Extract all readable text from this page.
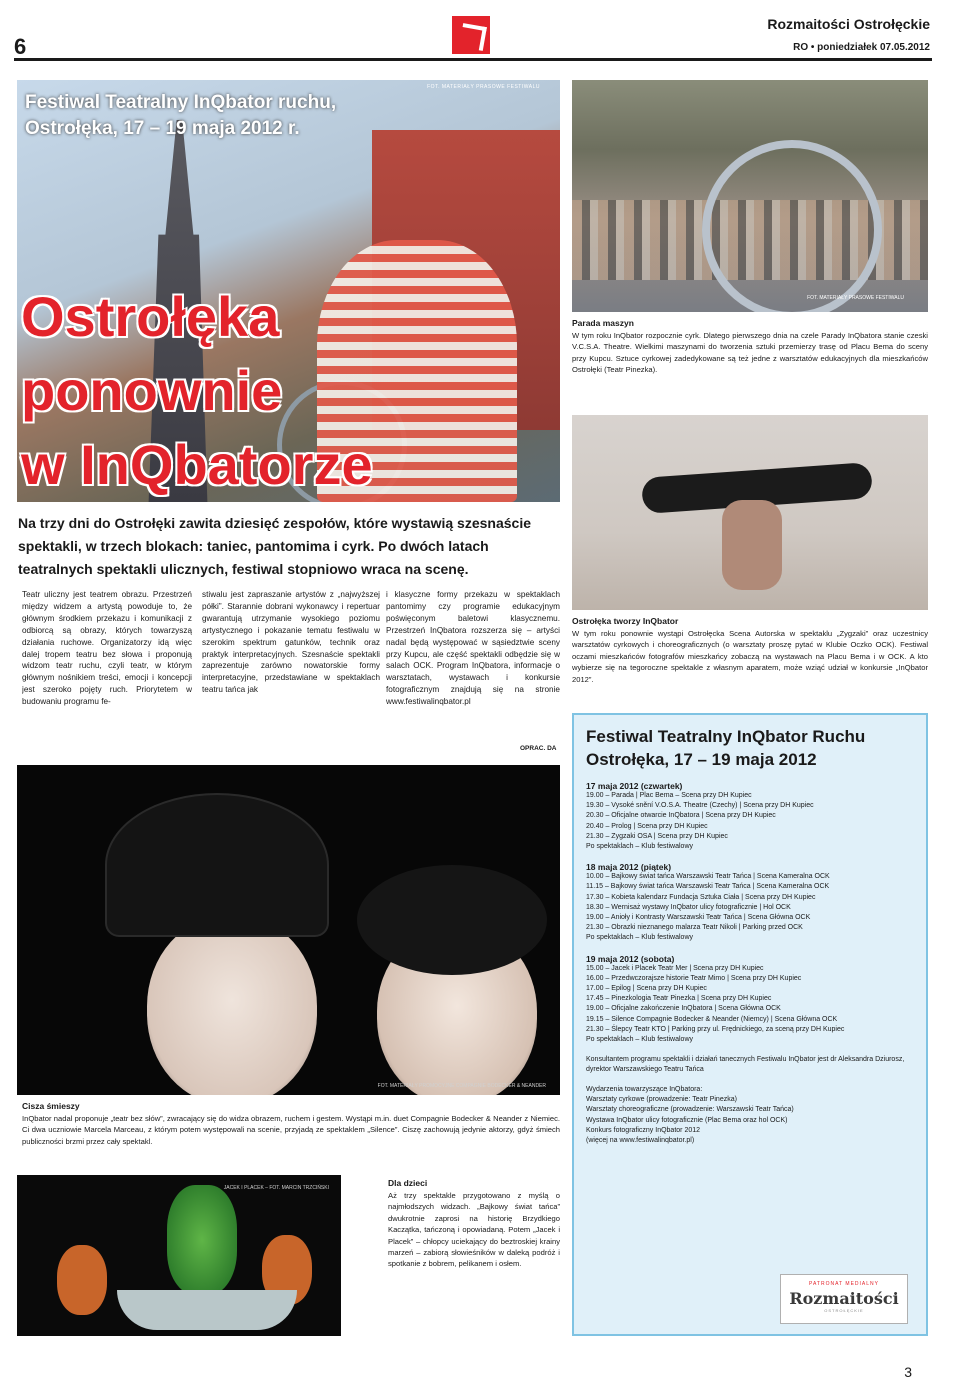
6
Rozmaitości Ostrołęckie
RO • poniedziałek 07.05.2012
FOT. MATERIAŁY PRASOWE FESTIWALU
Festiwal Teatralny InQbator ruchu,
Ostrołęka, 17 – 19 maja 2012 r.
Ostrołęka
ponownie
w InQbatorze
Na trzy dni do Ostrołęki zawita dziesięć zespołów, które wystawią szesnaście spektakli, w trzech blokach: taniec, pantomima i cyrk. Po dwóch latach teatralnych spektakli ulicznych, festiwal stopniowo wraca na scenę.
Teatr uliczny jest teatrem obrazu. Przestrzeń między widzem a artystą powoduje to, że głównym środkiem przekazu i komunikacji z odbiorcą są obrazy, których towarzyszą działania ruchowe. Organizatorzy idą więc dalej tropem teatru bez słowa i proponują widzom teatr ruchu, czyli teatr, w którym głównym nośnikiem treści, emocji i koncepcji jest szeroko pojęty ruch. Priorytetem w budowaniu programu fe-
stiwalu jest zapraszanie artystów z „najwyższej półki”. Starannie dobrani wykonawcy i repertuar gwarantują utrzymanie wysokiego poziomu artystycznego i pokazanie tematu festiwalu w szerokim spektrum gatunków, technik oraz praktyk interpretacyjnych. Szesnaście spektakli zaprezentuje zarówno nowatorskie formy interpretacyjne, przedstawiane w spektaklach teatru tańca jak
i klasyczne formy przekazu w spektaklach pantomimy czy programie edukacyjnym poświęconym baletowi klasycznemu. Przestrzeń InQbatora rozszerza się – artyści nadal będą występować w sąsiedztwie sceny przy Kupcu, ale część spektakli odbędzie się w salach OCK. Program InQbatora, informacje o warsztatach, wystawach i konkursie fotograficznym znajdują się na stronie www.festiwalinqbator.pl
OPRAC. DA
FOT. MATERIAŁY PRASOWE FESTIWALU
Parada maszyn
W tym roku InQbator rozpocznie cyrk. Dlatego pierwszego dnia na czele Parady InQbatora stanie czeski V.C.S.A. Theatre. Wielkimi maszynami do tworzenia sztuki przemierzy trasę od Placu Bema do sceny przy Kupcu. Sztuce cyrkowej zadedykowane są też jedne z warsztatów edukacyjnych dla mieszkańców Ostrołęki (Teatr Pinezka).
Ostrołęka tworzy InQbator
W tym roku ponownie wystąpi Ostrołęcka Scena Autorska w spektaklu „Zygzaki” oraz uczestnicy warsztatów cyrkowych i choreograficznych (o warsztaty proszę pytać w Klubie Oczko OCK). Festiwal oczami mieszkańców fotografów mieszkańcy zobaczą na wystawach na Placu Bema i w OCK. A kto wybierze się na tegoroczne spektakle z własnym aparatem, może wziąć udział w konkursie „InQbator 2012”.
Festiwal Teatralny InQbator Ruchu
Ostrołęka, 17 – 19 maja 2012
17 maja 2012 (czwartek)
19.00 – Parada | Plac Bema – Scena przy DH Kupiec
19.30 – Vysoké snění V.O.S.A. Theatre (Czechy) | Scena przy DH Kupiec
20.30 – Oficjalne otwarcie InQbatora | Scena przy DH Kupiec
20.40 – Prolog | Scena przy DH Kupiec
21.30 – Zygzaki OSA | Scena przy DH Kupiec
Po spektaklach – Klub festiwalowy
18 maja 2012 (piątek)
10.00 – Bajkowy świat tańca Warszawski Teatr Tańca | Scena Kameralna OCK
11.15 – Bajkowy świat tańca Warszawski Teatr Tańca | Scena Kameralna OCK
17.30 – Kobieta kalendarz Fundacja Sztuka Ciała | Scena przy DH Kupiec
18.30 – Wernisaż wystawy InQbator ulicy fotograficznie | Hol OCK
19.00 – Anioły i Kontrasty Warszawski Teatr Tańca | Scena Główna OCK
21.30 – Obrazki nieznanego malarza Teatr Nikoli | Parking przed OCK
Po spektaklach – Klub festiwalowy
19 maja 2012 (sobota)
15.00 – Jacek i Placek Teatr Mer | Scena przy DH Kupiec
16.00 – Przedwczorajsze historie Teatr Mimo | Scena przy DH Kupiec
17.00 – Epilog | Scena przy DH Kupiec
17.45 – Pinezkologia Teatr Pinezka | Scena przy DH Kupiec
19.00 – Oficjalne zakończenie InQbatora | Scena Główna OCK
19.15 – Silence Compagnie Bodecker & Neander (Niemcy) | Scena Główna OCK
21.30 – Ślepcy Teatr KTO | Parking przy ul. Frędnickiego, za sceną przy DH Kupiec
Po spektaklach – Klub festiwalowy
Konsultantem programu spektakli i działań tanecznych Festiwalu InQbator jest dr Aleksandra Dziurosz, dyrektor Warszawskiego Teatru Tańca
Wydarzenia towarzyszące InQbatora:
Warsztaty cyrkowe (prowadzenie: Teatr Pinezka)
Warsztaty choreograficzne (prowadzenie: Warszawski Teatr Tańca)
Wystawa InQbator ulicy fotograficznie (Plac Bema oraz hol OCK)
Konkurs fotograficzny InQbator 2012
(więcej na www.festiwalinqbator.pl)
PATRONAT MEDIALNY
Rozmaitości
OSTROŁĘCKIE
FOT. MATERIAŁY PROMOCYJNE COMPAGNIE BODECKER & NEANDER
Cisza śmieszy
InQbator nadal proponuje „teatr bez słów”, zwracający się do widza obrazem, ruchem i gestem. Wystąpi m.in. duet Compagnie Bodecker & Neander z Niemiec. Ci dwa uczniowie Marcela Marceau, z którym potem występowali na scenie, przyjadą ze spektaklem „Silence”. Ciszę zachowują jedynie aktorzy, gdyż śmiech publiczności brzmi przez cały spektakl.
JACEK I PLACEK – FOT. MARCIN TRZCIŃSKI	Dla dzieci
Aż trzy spektakle przygotowano z myślą o najmłodszych widzach. „Bajkowy świat tańca” dwukrotnie zaprosi na historię Brzydkiego Kaczątka, tańczoną i opowiadaną. Potem „Jacek i Placek” – chłopcy uciekający do beztroskiej krainy marzeń – zabiorą słowieśników w daleką podróż i spotkanie z bobrem, pelikanem i osłem.
3
